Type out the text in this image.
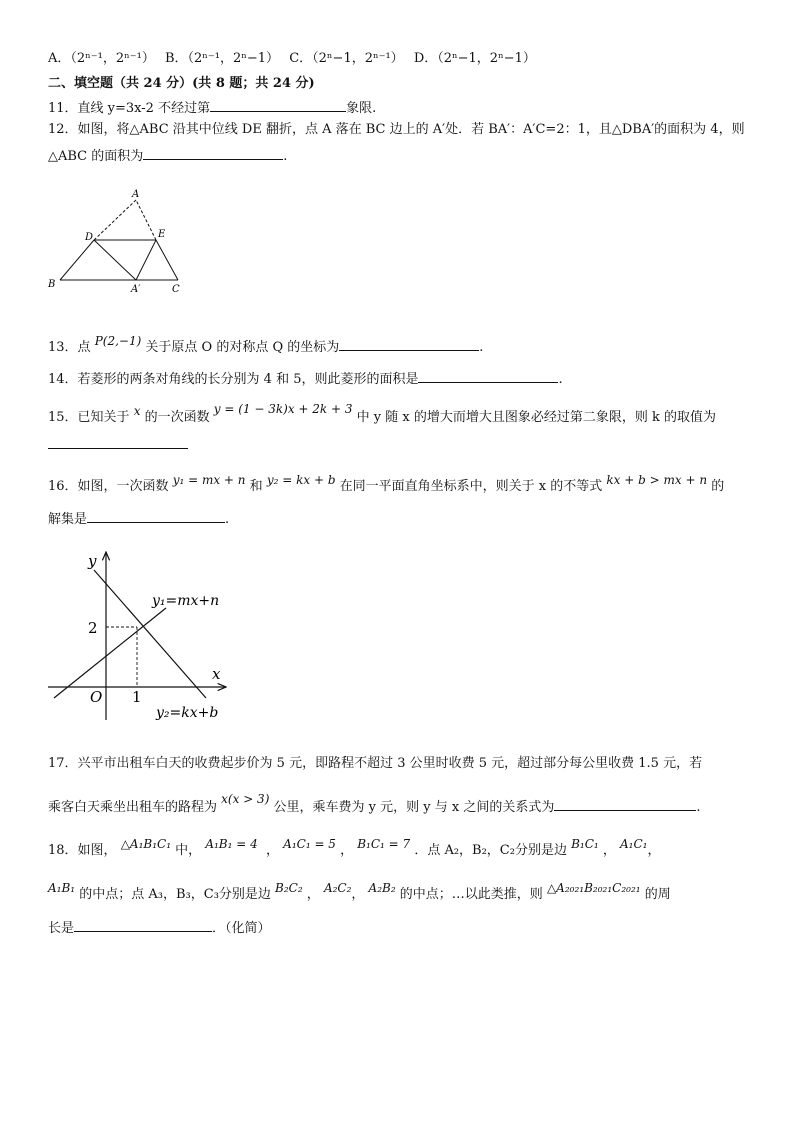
A．（2ⁿ⁻¹，2ⁿ⁻¹） B．（2ⁿ⁻¹，2ⁿ−1） C．（2ⁿ−1，2ⁿ⁻¹） D．（2ⁿ−1，2ⁿ−1）
二、填空题（共 24 分）(共 8 题；共 24 分)
11．直线 y=3x-2 不经过第	象限.
12．如图，将△ABC 沿其中位线 DE 翻折，点 A 落在 BC 边上的 A′处．若 BA′：A′C=2：1，且△DBA′的面积为 4，则
△ABC 的面积为	.
A
D	E
B	A′	C
13．点 P(2,−1) 关于原点 O 的对称点 Q 的坐标为	.
14．若菱形的两条对角线的长分别为 4 和 5，则此菱形的面积是	.
15．已知关于 x 的一次函数 y = (1 − 3k)x + 2k + 3 中 y 随 x 的增大而增大且图象必经过第二象限，则 k 的取值为
16．如图，一次函数 y₁ = mx + n 和 y₂ = kx + b 在同一平面直角坐标系中，则关于 x 的不等式 kx + b > mx + n 的
解集是	.
y
x
O
2
1
y₁=mx+n
y₂=kx+b
17．兴平市出租车白天的收费起步价为 5 元，即路程不超过 3 公里时收费 5 元，超过部分每公里收费 1.5 元，若
乘客白天乘坐出租车的路程为 x(x > 3) 公里，乘车费为 y 元，则 y 与 x 之间的关系式为	.
18．如图， △A₁B₁C₁ 中， A₁B₁ = 4  ， A₁C₁ = 5 ， B₁C₁ = 7 ．点 A₂，B₂，C₂分别是边 B₁C₁ ， A₁C₁，
A₁B₁ 的中点；点 A₃，B₃，C₃分别是边 B₂C₂ ， A₂C₂， A₂B₂ 的中点；…以此类推，则 △A₂₀₂₁B₂₀₂₁C₂₀₂₁ 的周
长是	．（化简）
